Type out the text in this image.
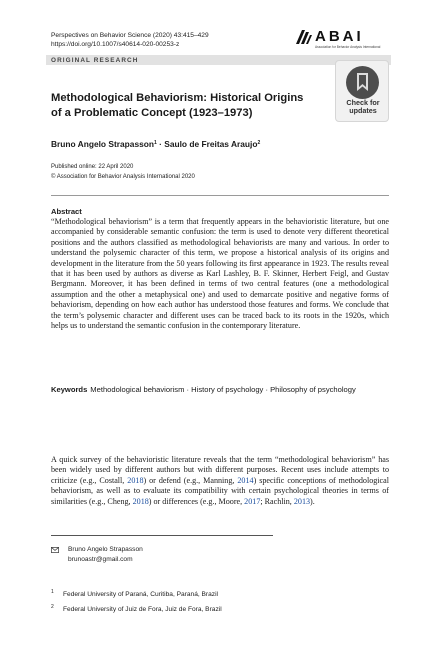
Perspectives on Behavior Science (2020) 43:415–429
https://doi.org/10.1007/s40614-020-00253-z	ABAI
Association for Behavior Analysis International
ORIGINAL RESEARCH
Check for
updates
Methodological Behaviorism: Historical Origins
of a Problematic Concept (1923–1973)
Bruno Angelo Strapasson$^1$ · Saulo de Freitas Araujo$^2$
Published online: 22 April 2020
© Association for Behavior Analysis International 2020
Abstract
“Methodological behaviorism” is a term that frequently appears in the behavioristic literature, but one accompanied by considerable semantic confusion: the term is used to denote very different theoretical positions and the authors classified as methodological behaviorists are many and various. In order to understand the polysemic character of this term, we propose a historical analysis of its origins and development in the literature from the 50 years following its first appearance in 1923. The results reveal that it has been used by authors as diverse as Karl Lashley, B. F. Skinner, Herbert Feigl, and Gustav Bergmann. Moreover, it has been defined in terms of two central features (one a methodological assumption and the other a metaphysical one) and used to demarcate positive and negative forms of behaviorism, depending on how each author has understood those features and forms. We conclude that the term’s polysemic character and different uses can be traced back to its roots in the 1920s, which helps us to understand the semantic confusion in the contemporary literature.
Keywords Methodological behaviorism · History of psychology · Philosophy of psychology
A quick survey of the behavioristic literature reveals that the term “methodological behaviorism” has been widely used by different authors but with different purposes. Recent uses include attempts to criticize (e.g., Costall, 2018) or defend (e.g., Manning, 2014) specific conceptions of methodological behaviorism, as well as to evaluate its compatibility with certain psychological theories in terms of similarities (e.g., Cheng, 2018) or differences (e.g., Moore, 2017; Rachlin, 2013).
Bruno Angelo Strapasson
brunoastr@gmail.com
1 Federal University of Paraná, Curitiba, Paraná, Brazil
2 Federal University of Juiz de Fora, Juiz de Fora, Brazil
